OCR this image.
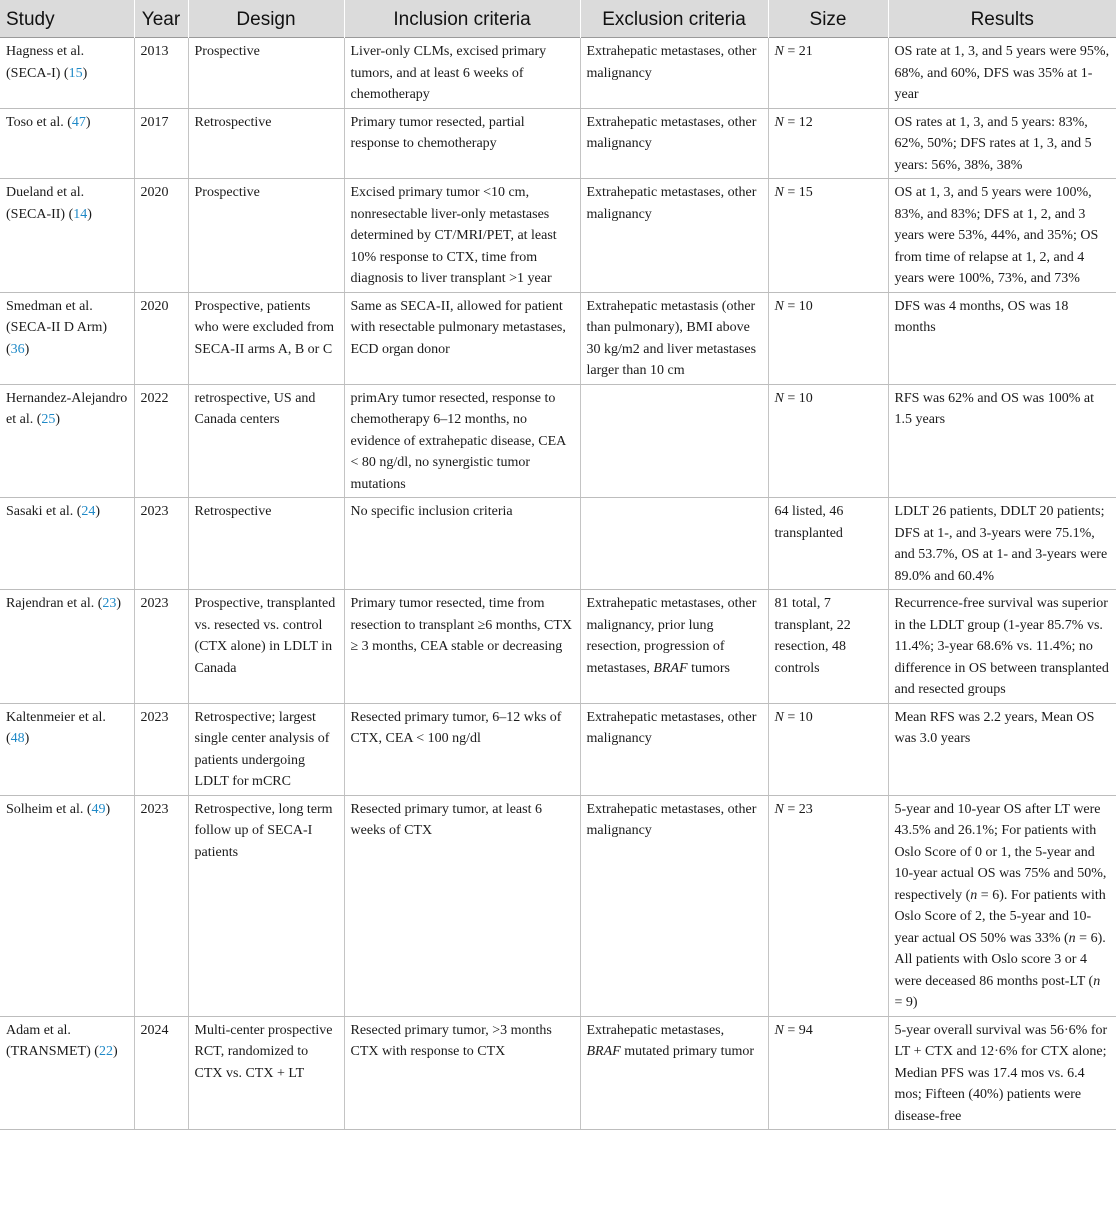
Study	Year	Design	Inclusion criteria	Exclusion criteria	Size	Results
Hagness et al. (SECA-I) (15)	2013	Prospective	Liver-only CLMs, excised primary tumors, and at least 6 weeks of chemotherapy	Extrahepatic metastases, other malignancy	N = 21	OS rate at 1, 3, and 5 years were 95%, 68%, and 60%, DFS was 35% at 1-year
Toso et al. (47)	2017	Retrospective	Primary tumor resected, partial response to chemotherapy	Extrahepatic metastases, other malignancy	N = 12	OS rates at 1, 3, and 5 years: 83%, 62%, 50%; DFS rates at 1, 3, and 5 years: 56%, 38%, 38%
Dueland et al. (SECA-II) (14)	2020	Prospective	Excised primary tumor <10 cm, nonresectable liver-only metastases determined by CT/MRI/PET, at least 10% response to CTX, time from diagnosis to liver transplant >1 year	Extrahepatic metastases, other malignancy	N = 15	OS at 1, 3, and 5 years were 100%, 83%, and 83%; DFS at 1, 2, and 3 years were 53%, 44%, and 35%; OS from time of relapse at 1, 2, and 4 years were 100%, 73%, and 73%
Smedman et al. (SECA-II D Arm) (36)	2020	Prospective, patients who were excluded from SECA-II arms A, B or C	Same as SECA-II, allowed for patient with resectable pulmonary metastases, ECD organ donor	Extrahepatic metastasis (other than pulmonary), BMI above 30 kg/m2 and liver metastases larger than 10 cm	N = 10	DFS was 4 months, OS was 18 months
Hernandez-Alejandro et al. (25)	2022	retrospective, US and Canada centers	primAry tumor resected, response to chemotherapy 6–12 months, no evidence of extrahepatic disease, CEA < 80 ng/dl, no synergistic tumor mutations		N = 10	RFS was 62% and OS was 100% at 1.5 years
Sasaki et al. (24)	2023	Retrospective	No specific inclusion criteria		64 listed, 46 transplanted	LDLT 26 patients, DDLT 20 patients; DFS at 1-, and 3-years were 75.1%, and 53.7%, OS at 1- and 3-years were 89.0% and 60.4%
Rajendran et al. (23)	2023	Prospective, transplanted vs. resected vs. control (CTX alone) in LDLT in Canada	Primary tumor resected, time from resection to transplant ≥6 months, CTX ≥ 3 months, CEA stable or decreasing	Extrahepatic metastases, other malignancy, prior lung resection, progression of metastases, BRAF tumors	81 total, 7 transplant, 22 resection, 48 controls	Recurrence-free survival was superior in the LDLT group (1-year 85.7% vs. 11.4%; 3-year 68.6% vs. 11.4%; no difference in OS between transplanted and resected groups
Kaltenmeier et al. (48)	2023	Retrospective; largest single center analysis of patients undergoing LDLT for mCRC	Resected primary tumor, 6–12 wks of CTX, CEA < 100 ng/dl	Extrahepatic metastases, other malignancy	N = 10	Mean RFS was 2.2 years, Mean OS was 3.0 years
Solheim et al. (49)	2023	Retrospective, long term follow up of SECA-I patients	Resected primary tumor, at least 6 weeks of CTX	Extrahepatic metastases, other malignancy	N = 23	5-year and 10-year OS after LT were 43.5% and 26.1%; For patients with Oslo Score of 0 or 1, the 5-year and 10-year actual OS was 75% and 50%, respectively (n = 6). For patients with Oslo Score of 2, the 5-year and 10- year actual OS 50% was 33% (n = 6). All patients with Oslo score 3 or 4 were deceased 86 months post-LT (n = 9)
Adam et al. (TRANSMET) (22)	2024	Multi-center prospective RCT, randomized to CTX vs. CTX + LT	Resected primary tumor, >3 months CTX with response to CTX	Extrahepatic metastases, BRAF mutated primary tumor	N = 94	5-year overall survival was 56·6% for LT + CTX and 12·6% for CTX alone; Median PFS was 17.4 mos vs. 6.4 mos; Fifteen (40%) patients were disease-free
